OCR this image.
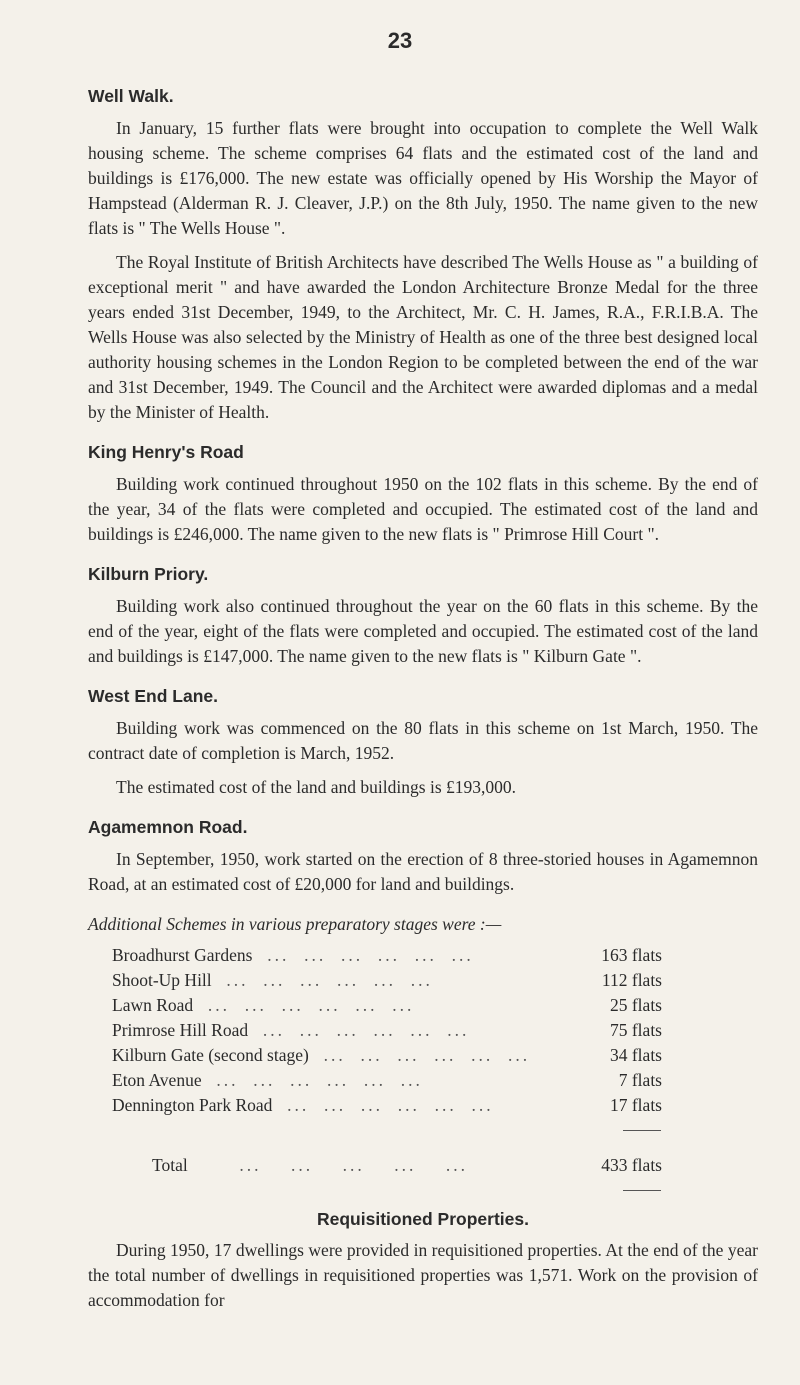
23
Well Walk.

In January, 15 further flats were brought into occupation to complete the Well Walk housing scheme. The scheme comprises 64 flats and the estimated cost of the land and buildings is £176,000. The new estate was officially opened by His Worship the Mayor of Hampstead (Alderman R. J. Cleaver, J.P.) on the 8th July, 1950. The name given to the new flats is " The Wells House ".

The Royal Institute of British Architects have described The Wells House as " a building of exceptional merit " and have awarded the London Architecture Bronze Medal for the three years ended 31st December, 1949, to the Architect, Mr. C. H. James, R.A., F.R.I.B.A. The Wells House was also selected by the Ministry of Health as one of the three best designed local authority housing schemes in the London Region to be completed between the end of the war and 31st December, 1949. The Council and the Architect were awarded diplomas and a medal by the Minister of Health.

King Henry's Road

Building work continued throughout 1950 on the 102 flats in this scheme. By the end of the year, 34 of the flats were completed and occupied. The estimated cost of the land and buildings is £246,000. The name given to the new flats is " Primrose Hill Court ".

Kilburn Priory.

Building work also continued throughout the year on the 60 flats in this scheme. By the end of the year, eight of the flats were completed and occupied. The estimated cost of the land and buildings is £147,000. The name given to the new flats is " Kilburn Gate ".

West End Lane.

Building work was commenced on the 80 flats in this scheme on 1st March, 1950. The contract date of completion is March, 1952.

The estimated cost of the land and buildings is £193,000.

Agamemnon Road.

In September, 1950, work started on the erection of 8 three-storied houses in Agamemnon Road, at an estimated cost of £20,000 for land and buildings.

Additional Schemes in various preparatory stages were :—
Broadhurst Gardens  ...  ...  ...  ...  ...  ...	163 flats
Shoot-Up Hill  ...  ...  ...  ...  ...  ...	112 flats
Lawn Road  ...  ...  ...  ...  ...  ...	25 flats
Primrose Hill Road  ...  ...  ...  ...  ...  ...	75 flats
Kilburn Gate (second stage)  ...  ...  ...  ...  ...  ...	34 flats
Eton Avenue  ...  ...  ...  ...  ...  ...	7 flats
Dennington Park Road  ...  ...  ...  ...  ...  ...	17 flats

Total       ...    ...    ...    ...    ...	433 flats

Requisitioned Properties.

During 1950, 17 dwellings were provided in requisitioned properties. At the end of the year the total number of dwellings in requisitioned properties was 1,571. Work on the provision of accommodation for
